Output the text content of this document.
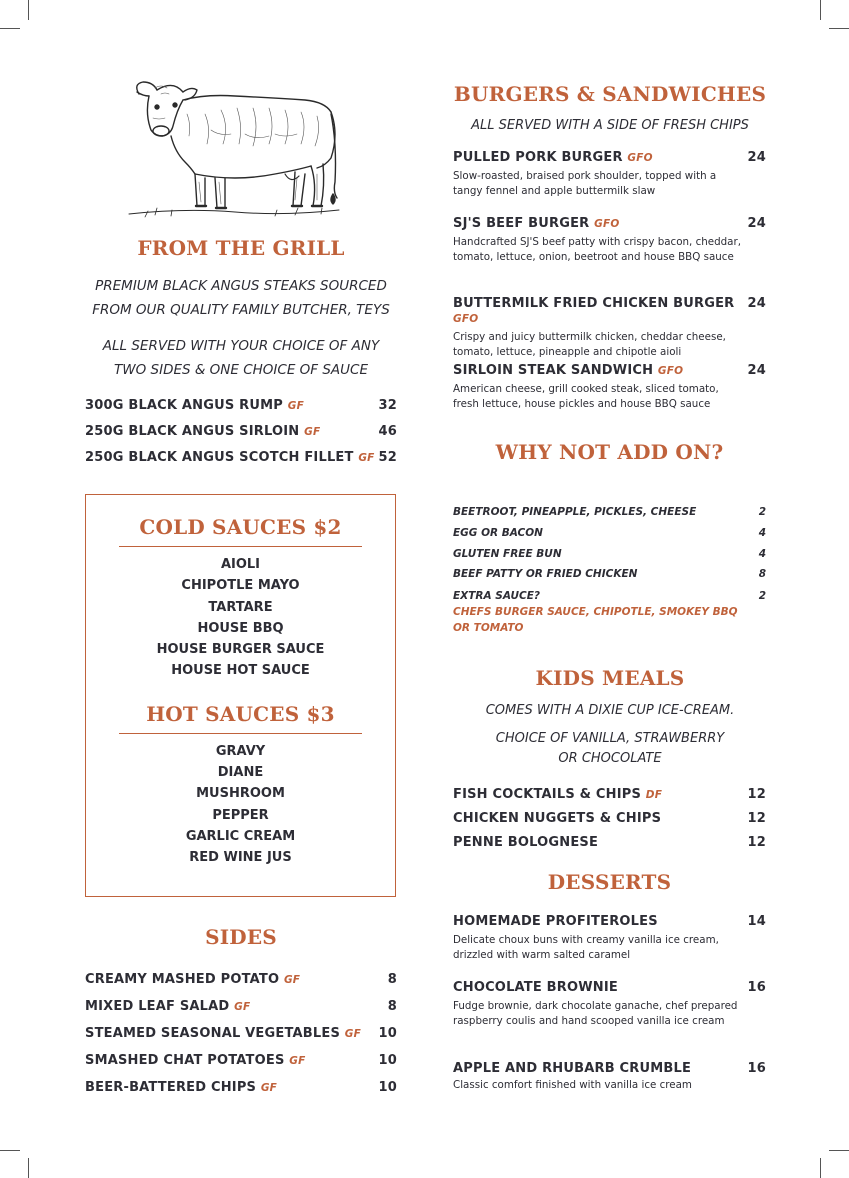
FROM THE GRILL
PREMIUM BLACK ANGUS STEAKS SOURCED
FROM OUR QUALITY FAMILY BUTCHER, TEYS
ALL SERVED WITH YOUR CHOICE OF ANY
TWO SIDES & ONE CHOICE OF SAUCE
300G BLACK ANGUS RUMP GF	32
250G BLACK ANGUS SIRLOIN GF	46
250G BLACK ANGUS SCOTCH FILLET GF 52
COLD SAUCES $2
AIOLI
CHIPOTLE MAYO
TARTARE
HOUSE BBQ
HOUSE BURGER SAUCE
HOUSE HOT SAUCE
HOT SAUCES $3
GRAVY
DIANE
MUSHROOM
PEPPER
GARLIC CREAM
RED WINE JUS
SIDES
CREAMY MASHED POTATO GF	8
MIXED LEAF SALAD GF	8
STEAMED SEASONAL VEGETABLES GF 10
SMASHED CHAT POTATOES GF	10
BEER-BATTERED CHIPS GF	10
BURGERS & SANDWICHES
ALL SERVED WITH A SIDE OF FRESH CHIPS
PULLED PORK BURGER GFO	24
Slow-roasted, braised pork shoulder, topped with a tangy fennel and apple buttermilk slaw
SJ'S BEEF BURGER GFO	24
Handcrafted SJ'S beef patty with crispy bacon, cheddar, tomato, lettuce, onion, beetroot and house BBQ sauce
BUTTERMILK FRIED CHICKEN BURGER GFO
24
Crispy and juicy buttermilk chicken, cheddar cheese, tomato, lettuce, pineapple and chipotle aioli
SIRLOIN STEAK SANDWICH GFO	24
American cheese, grill cooked steak, sliced tomato, fresh lettuce, house pickles and house BBQ sauce
WHY NOT ADD ON?
BEETROOT, PINEAPPLE, PICKLES, CHEESE	2
EGG OR BACON	4
GLUTEN FREE BUN	4
BEEF PATTY OR FRIED CHICKEN	8
EXTRA SAUCE?	2
CHEFS BURGER SAUCE, CHIPOTLE, SMOKEY BBQ
OR TOMATO
KIDS MEALS
COMES WITH A DIXIE CUP ICE-CREAM.
CHOICE OF VANILLA, STRAWBERRY
OR CHOCOLATE
FISH COCKTAILS & CHIPS DF	12
CHICKEN NUGGETS & CHIPS	12
PENNE BOLOGNESE	12
DESSERTS
HOMEMADE PROFITEROLES	14
Delicate choux buns with creamy vanilla ice cream, drizzled with warm salted caramel
CHOCOLATE BROWNIE	16
Fudge brownie, dark chocolate ganache, chef prepared raspberry coulis and hand scooped vanilla ice cream
APPLE AND RHUBARB CRUMBLE	16
Classic comfort finished with vanilla ice cream
